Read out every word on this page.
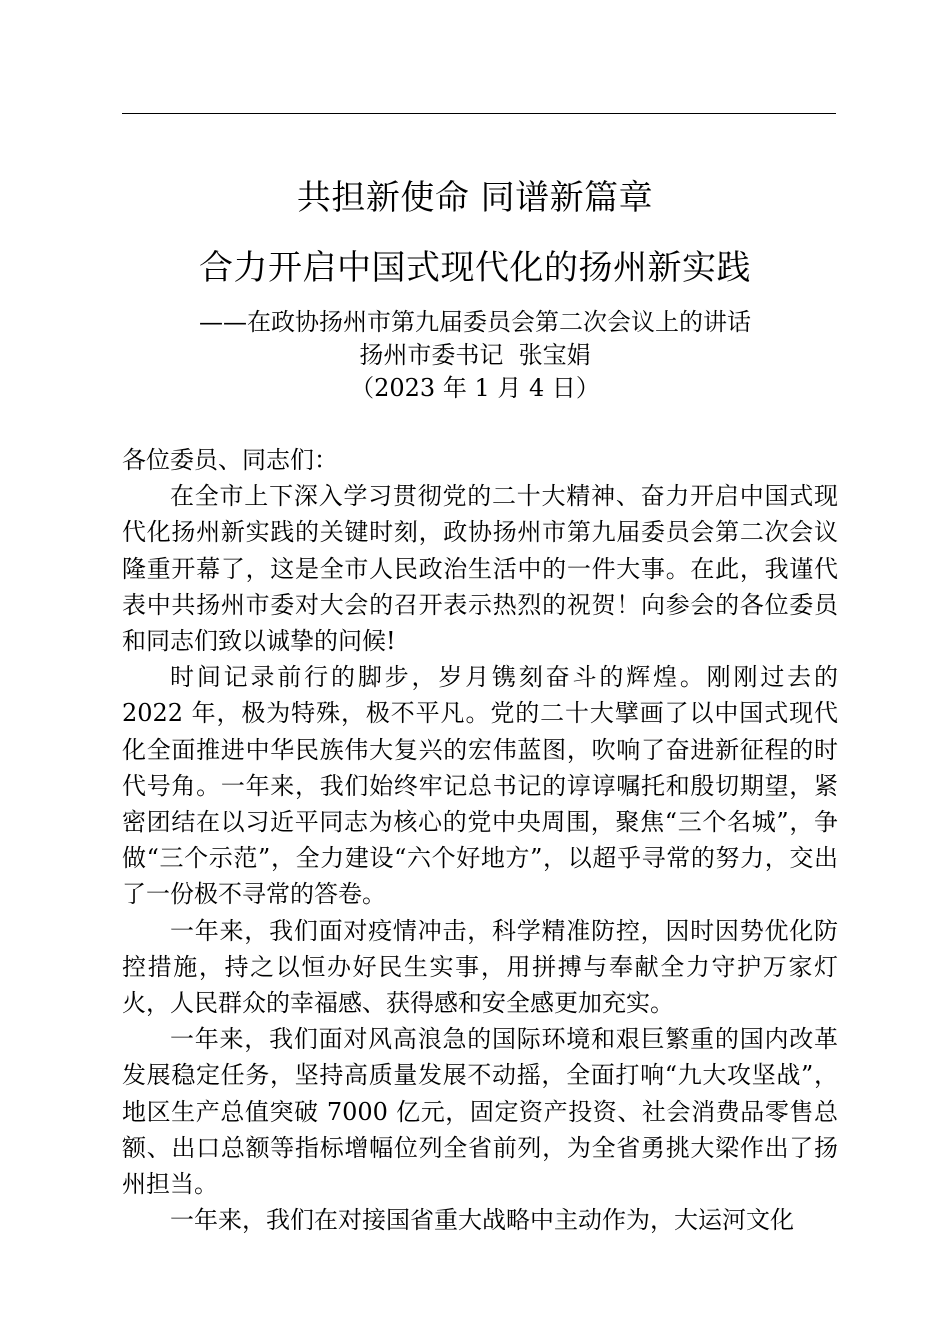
共担新使命 同谱新篇章
合力开启中国式现代化的扬州新实践
——在政协扬州市第九届委员会第二次会议上的讲话
扬州市委书记  张宝娟
（2023 年 1 月 4 日）

各位委员、同志们：

在全市上下深入学习贯彻党的二十大精神、奋力开启中国式现代化扬州新实践的关键时刻，政协扬州市第九届委员会第二次会议隆重开幕了，这是全市人民政治生活中的一件大事。在此，我谨代表中共扬州市委对大会的召开表示热烈的祝贺！向参会的各位委员和同志们致以诚挚的问候!

时间记录前行的脚步，岁月镌刻奋斗的辉煌。刚刚过去的 2022 年，极为特殊，极不平凡。党的二十大擘画了以中国式现代化全面推进中华民族伟大复兴的宏伟蓝图，吹响了奋进新征程的时代号角。一年来，我们始终牢记总书记的谆谆嘱托和殷切期望，紧密团结在以习近平同志为核心的党中央周围，聚焦“三个名城”，争做“三个示范”，全力建设“六个好地方”，以超乎寻常的努力，交出了一份极不寻常的答卷。

一年来，我们面对疫情冲击，科学精准防控，因时因势优化防控措施，持之以恒办好民生实事，用拼搏与奉献全力守护万家灯火，人民群众的幸福感、获得感和安全感更加充实。

一年来，我们面对风高浪急的国际环境和艰巨繁重的国内改革发展稳定任务，坚持高质量发展不动摇，全面打响“九大攻坚战”，地区生产总值突破 7000 亿元，固定资产投资、社会消费品零售总额、出口总额等指标增幅位列全省前列，为全省勇挑大梁作出了扬州担当。

一年来，我们在对接国省重大战略中主动作为，大运河文化
